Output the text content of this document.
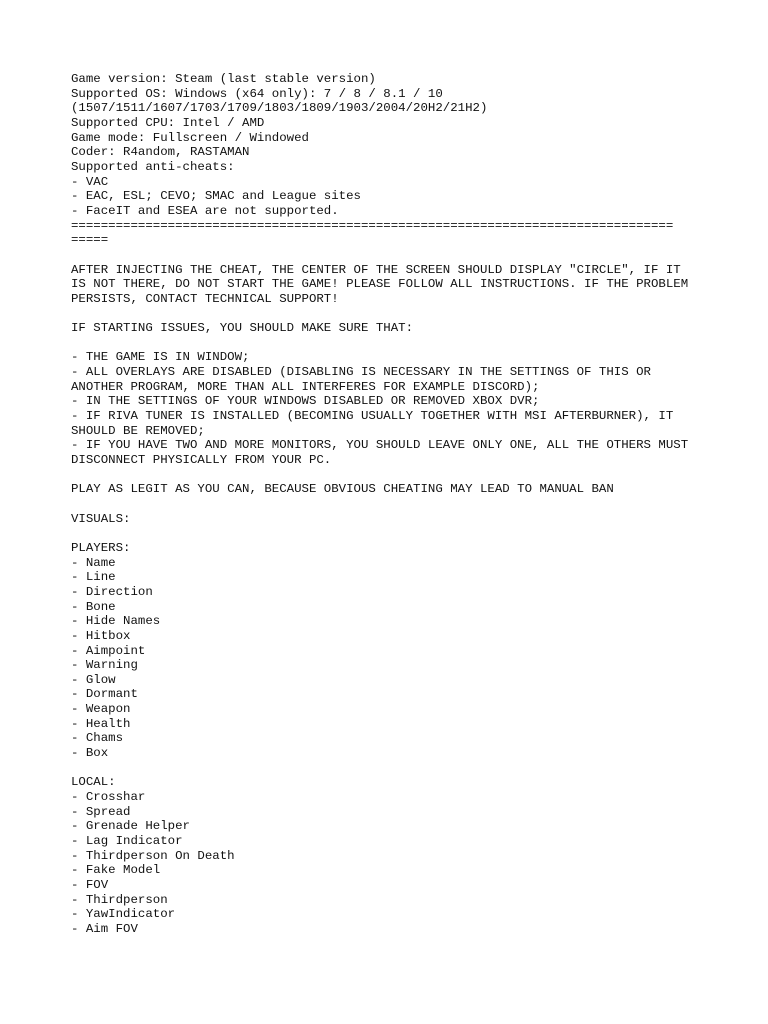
Game version: Steam (last stable version)
Supported OS: Windows (x64 only): 7 / 8 / 8.1 / 10
(1507/1511/1607/1703/1709/1803/1809/1903/2004/20H2/21H2)
Supported CPU: Intel / AMD
Game mode: Fullscreen / Windowed
Coder: R4andom, RASTAMAN
Supported anti-cheats:
- VAC
- EAC, ESL; CEVO; SMAC and League sites
- FaceIT and ESEA are not supported.
=================================================================================
=====
AFTER INJECTING THE CHEAT, THE CENTER OF THE SCREEN SHOULD DISPLAY "CIRCLE", IF IT
IS NOT THERE, DO NOT START THE GAME! PLEASE FOLLOW ALL INSTRUCTIONS. IF THE PROBLEM
PERSISTS, CONTACT TECHNICAL SUPPORT!
IF STARTING ISSUES, YOU SHOULD MAKE SURE THAT:
- THE GAME IS IN WINDOW;
- ALL OVERLAYS ARE DISABLED (DISABLING IS NECESSARY IN THE SETTINGS OF THIS OR
ANOTHER PROGRAM, MORE THAN ALL INTERFERES FOR EXAMPLE DISCORD);
- IN THE SETTINGS OF YOUR WINDOWS DISABLED OR REMOVED XBOX DVR;
- IF RIVA TUNER IS INSTALLED (BECOMING USUALLY TOGETHER WITH MSI AFTERBURNER), IT
SHOULD BE REMOVED;
- IF YOU HAVE TWO AND MORE MONITORS, YOU SHOULD LEAVE ONLY ONE, ALL THE OTHERS MUST
DISCONNECT PHYSICALLY FROM YOUR PC.
PLAY AS LEGIT AS YOU CAN, BECAUSE OBVIOUS CHEATING MAY LEAD TO MANUAL BAN
VISUALS:
PLAYERS:
- Name
- Line
- Direction
- Bone
- Hide Names
- Hitbox
- Aimpoint
- Warning
- Glow
- Dormant
- Weapon
- Health
- Chams
- Box
LOCAL:
- Crosshar
- Spread
- Grenade Helper
- Lag Indicator
- Thirdperson On Death
- Fake Model
- FOV
- Thirdperson
- YawIndicator
- Aim FOV
